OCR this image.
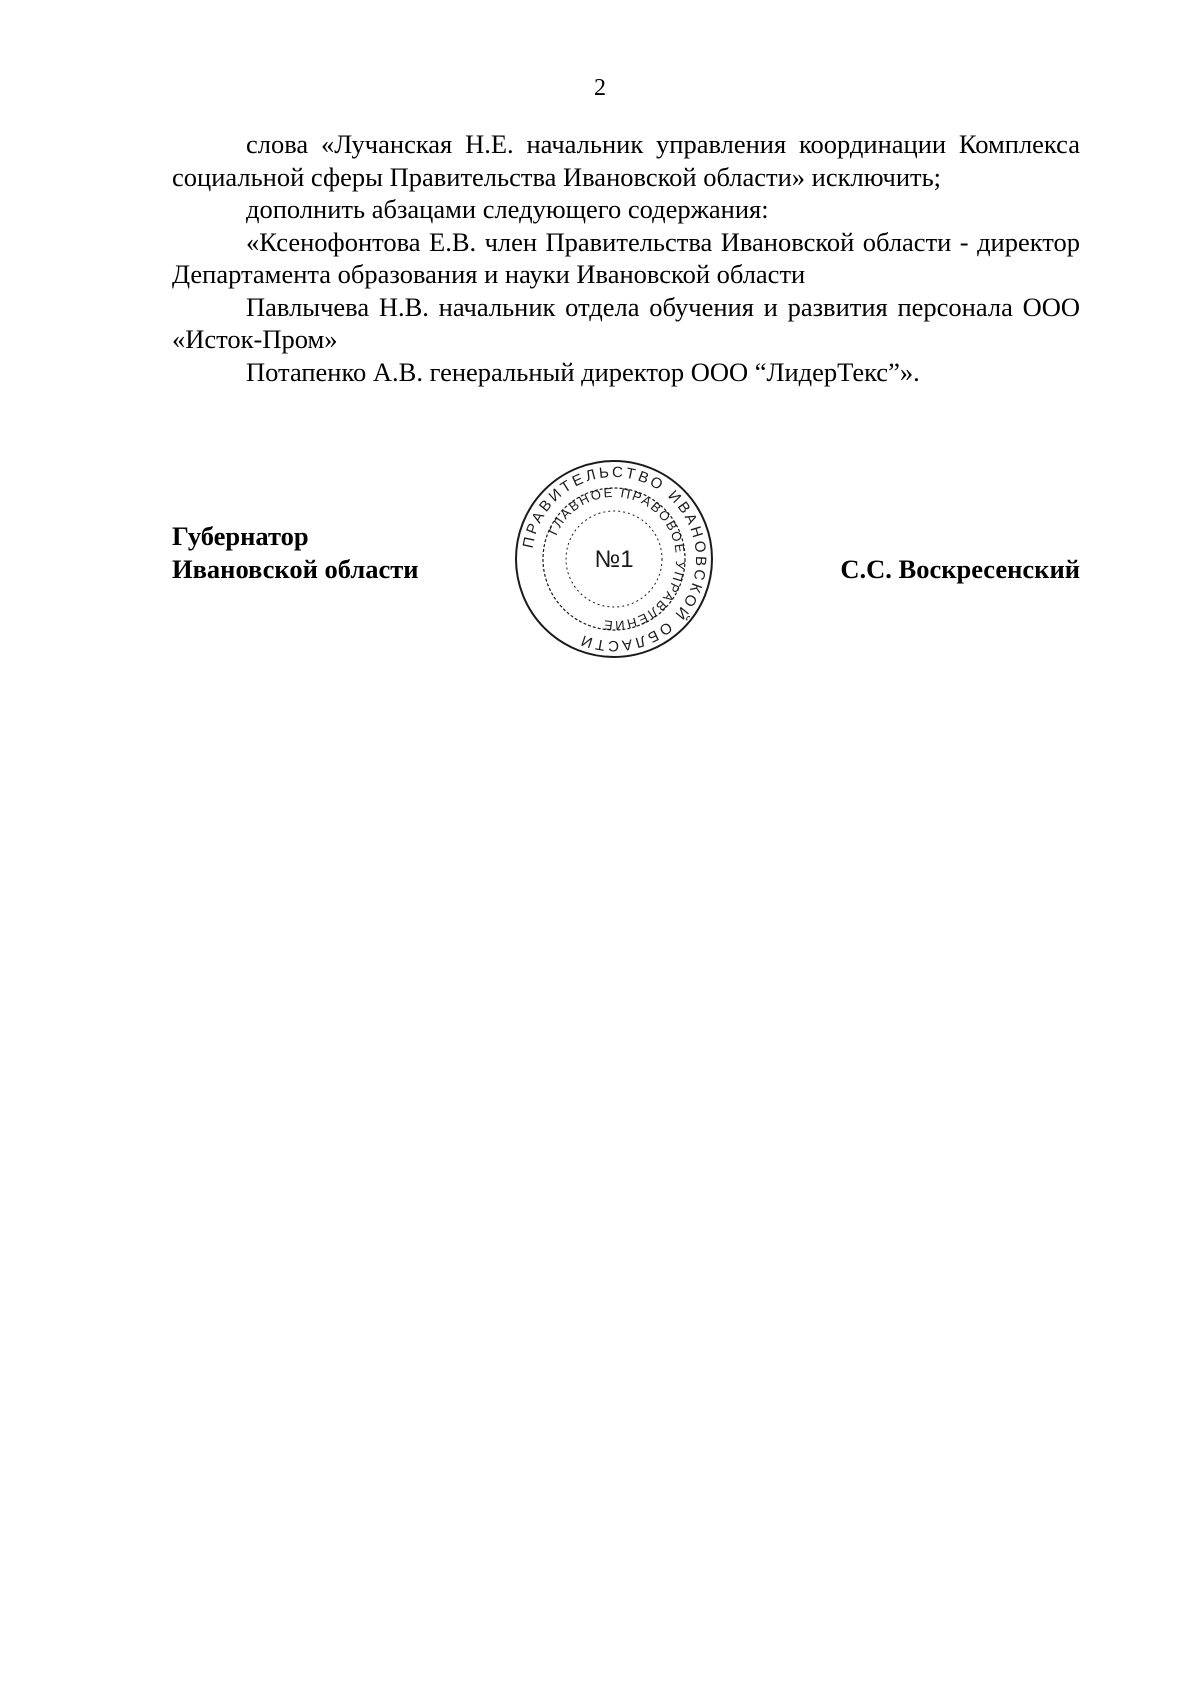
2

слова «Лучанская Н.Е. начальник управления координации Комплекса социальной сферы Правительства Ивановской области» исключить;

дополнить абзацами следующего содержания:

«Ксенофонтова Е.В. член Правительства Ивановской области - директор Департамента образования и науки Ивановской области

Павлычева Н.В. начальник отдела обучения и развития персонала ООО «Исток-Пром»

Потапенко А.В. генеральный директор ООО “ЛидерТекс”».

Губернатор
Ивановской области	С.С. Воскресенский
ПРАВИТЕЛЬСТВО ИВАНОВСКОЙ ОБЛАСТИ
ГЛАВНОЕ ПРАВОВОЕ УПРАВЛЕНИЕ
№1
